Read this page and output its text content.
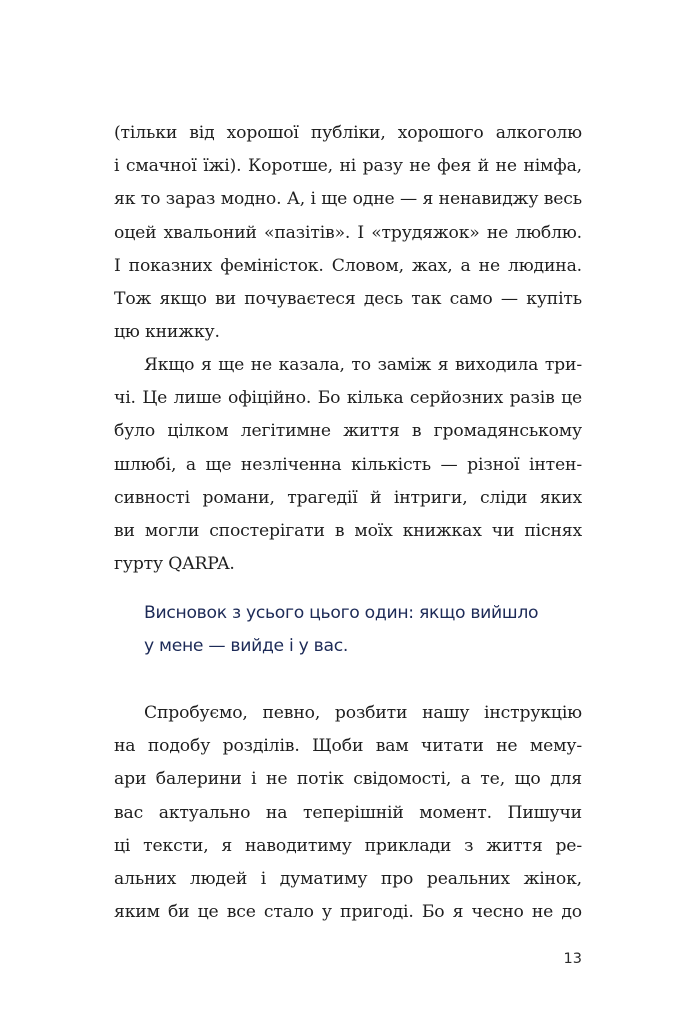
(тільки від хорошої публіки, хорошого алкоголю
і смачної їжі). Коротше, ні разу не фея й не німфа,
як то зараз модно. А, і ще одне — я ненавиджу весь
оцей хвальоний «пазітів». І «трудяжок» не люблю.
І показних феміністок. Словом, жах, а не людина.
Тож якщо ви почуваєтеся десь так само — купіть
цю книжку.
Якщо я ще не казала, то заміж я виходила три-
чі. Це лише офіційно. Бо кілька серйозних разів це
було цілком легітимне життя в громадянському
шлюбі, а ще незліченна кількість — різної інтен-
сивності романи, трагедії й інтриги, сліди яких
ви могли спостерігати в моїх книжках чи піснях
гурту QARPA.
Висновок з усього цього один: якщо вийшло
у мене — вийде і у вас.
Спробуємо, певно, розбити нашу інструкцію
на подобу розділів. Щоби вам читати не мему-
ари балерини і не потік свідомості, а те, що для
вас актуально на теперішній момент. Пишучи
ці тексти, я наводитиму приклади з життя ре-
альних людей і думатиму про реальних жінок,
яким би це все стало у пригоді. Бо я чесно не до
13
